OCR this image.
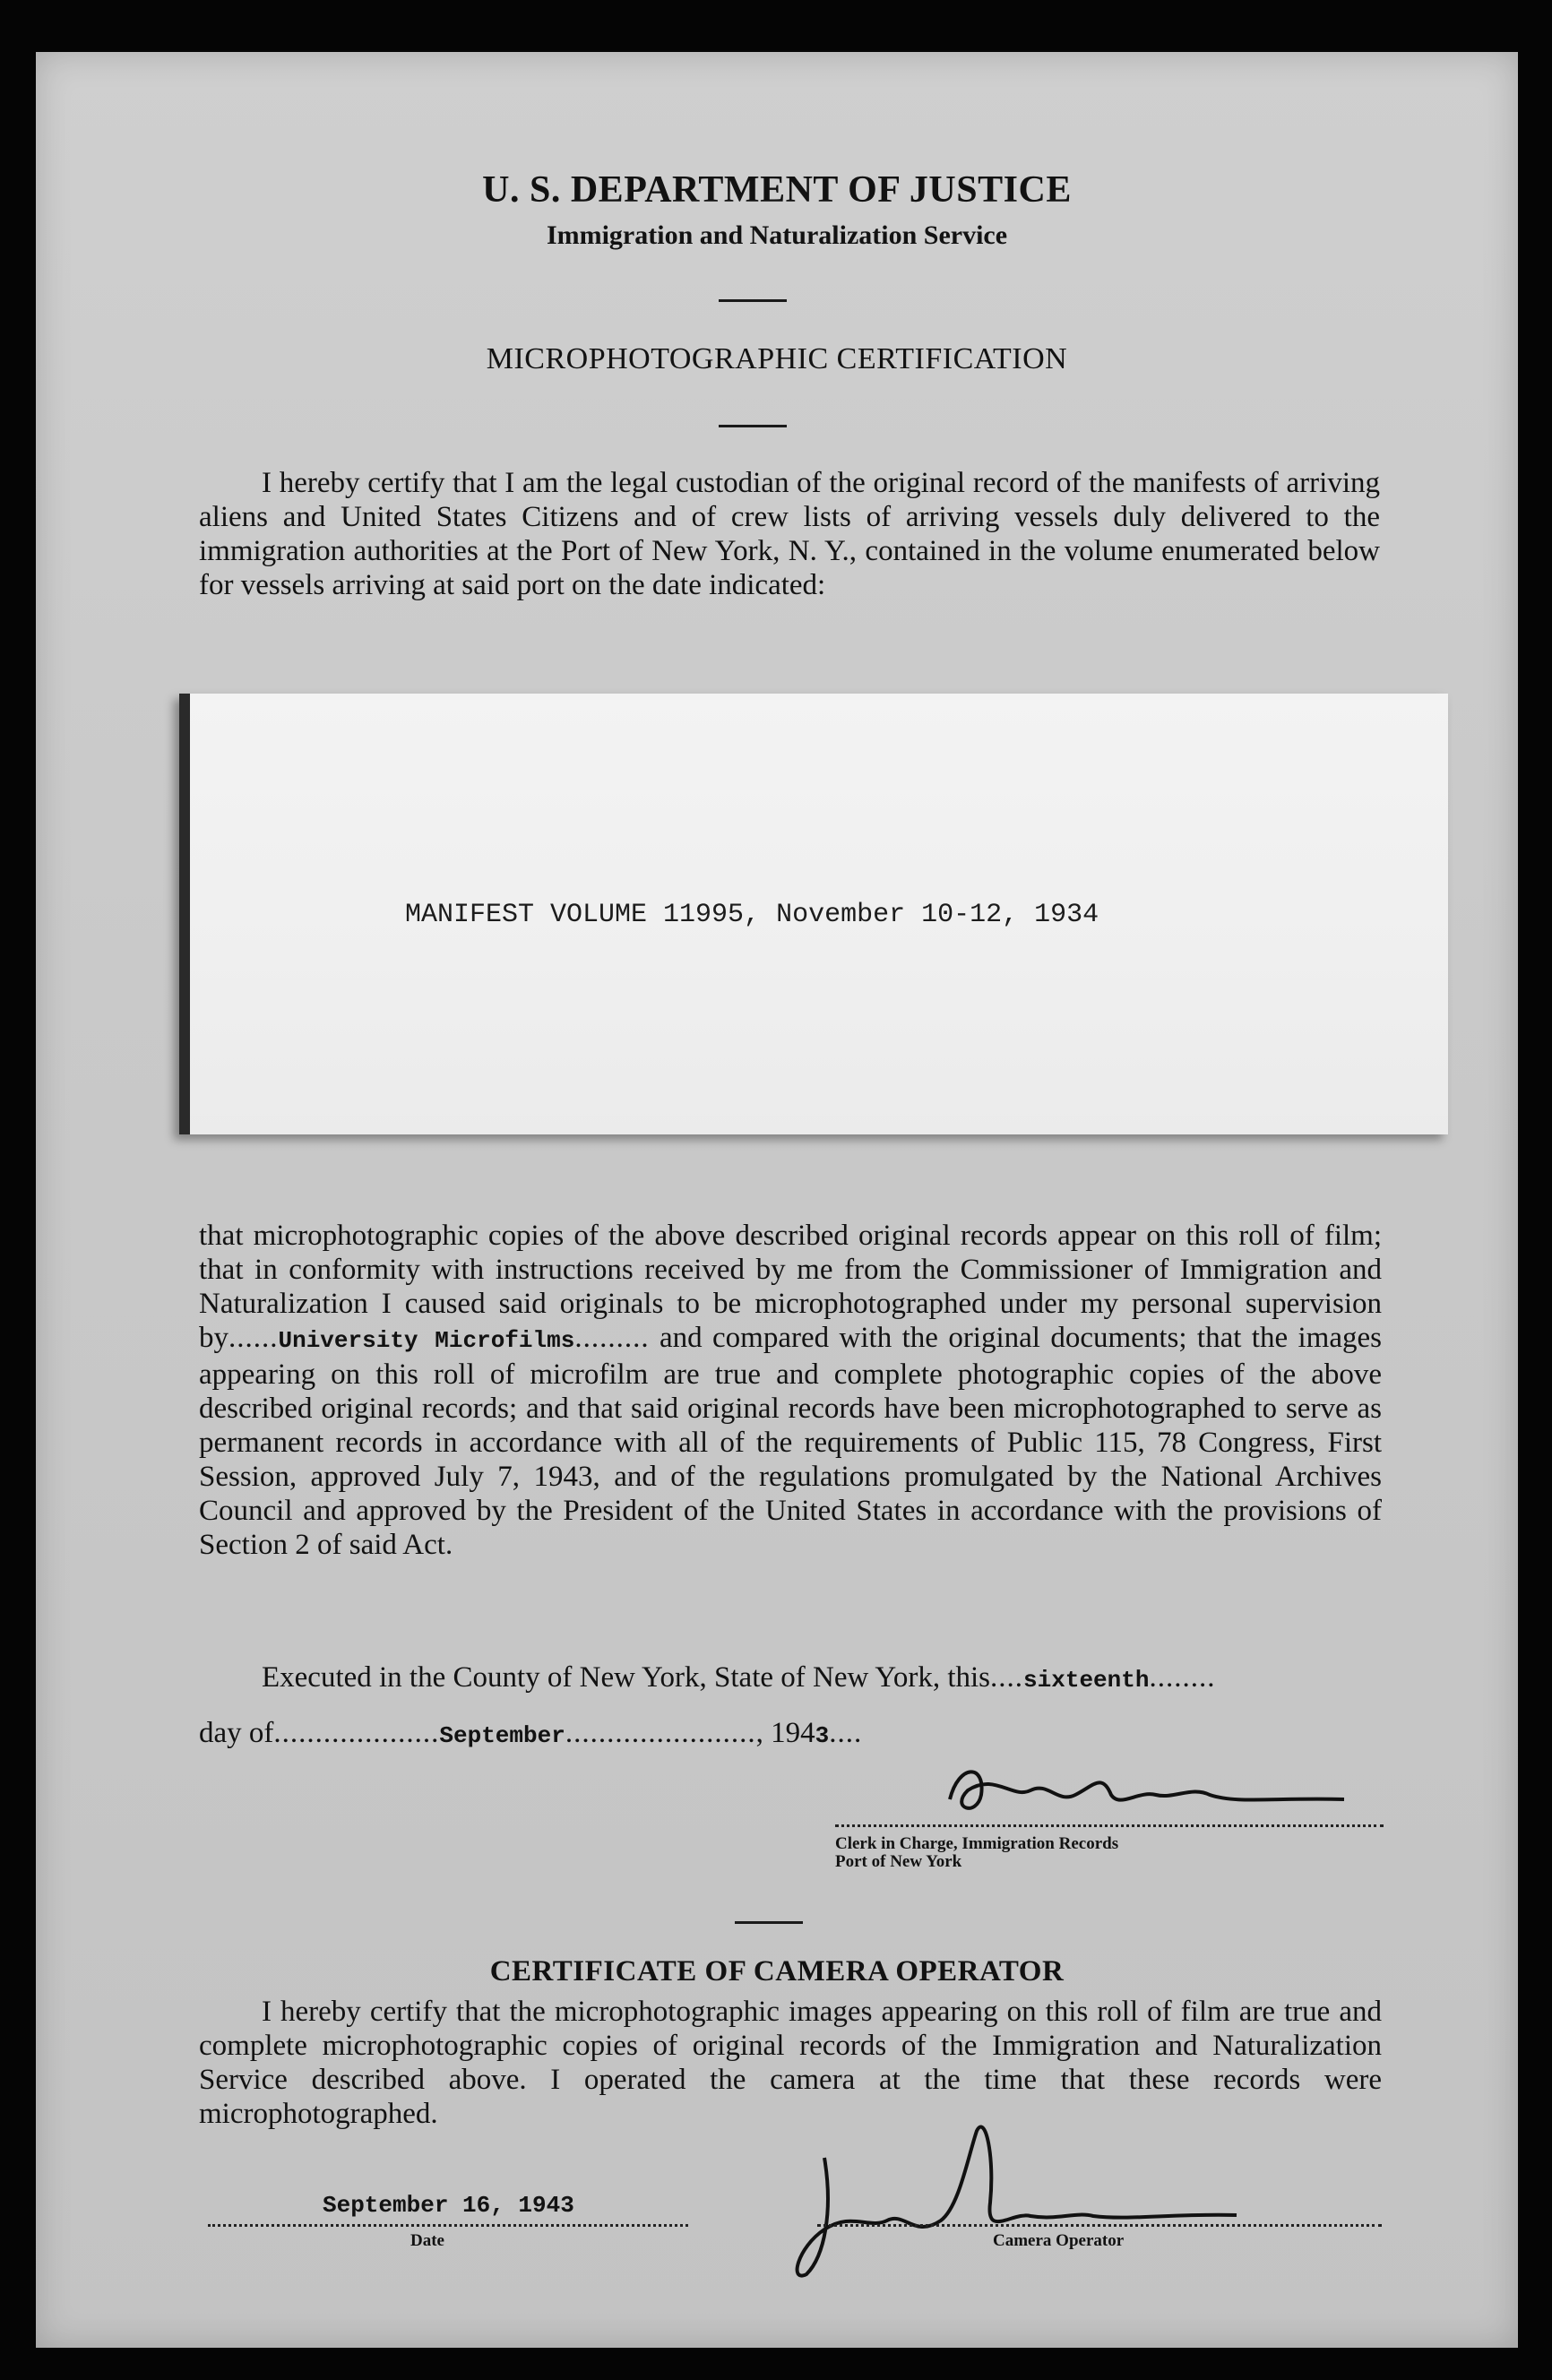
U. S. DEPARTMENT OF JUSTICE
Immigration and Naturalization Service
MICROPHOTOGRAPHIC CERTIFICATION

I hereby certify that I am the legal custodian of the original record of the manifests of arriving aliens and United States Citizens and of crew lists of arriving vessels duly delivered to the immigration authorities at the Port of New York, N. Y., contained in the volume enumerated below for vessels arriving at said port on the date indicated:

MANIFEST VOLUME 11995, November 10-12, 1934

that microphotographic copies of the above described original records appear on this roll of film; that in conformity with instructions received by me from the Commissioner of Immigration and Naturalization I caused said originals to be microphotographed under my personal supervision by......University Microfilms......... and compared with the original documents; that the images appearing on this roll of microfilm are true and complete photographic copies of the above described original records; and that said original records have been microphotographed to serve as permanent records in accordance with all of the requirements of Public 115, 78 Congress, First Session, approved July 7, 1943, and of the regulations promulgated by the National Archives Council and approved by the President of the United States in accordance with the provisions of Section 2 of said Act.

Executed in the County of New York, State of New York, this....sixteenth........
day of....................September......................., 1943....
Clerk in Charge, Immigration Records
Port of New York
CERTIFICATE OF CAMERA OPERATOR

I hereby certify that the microphotographic images appearing on this roll of film are true and complete microphotographic copies of original records of the Immigration and Naturalization Service described above. I operated the camera at the time that these records were microphotographed.

September 16, 1943
Date	Camera Operator
